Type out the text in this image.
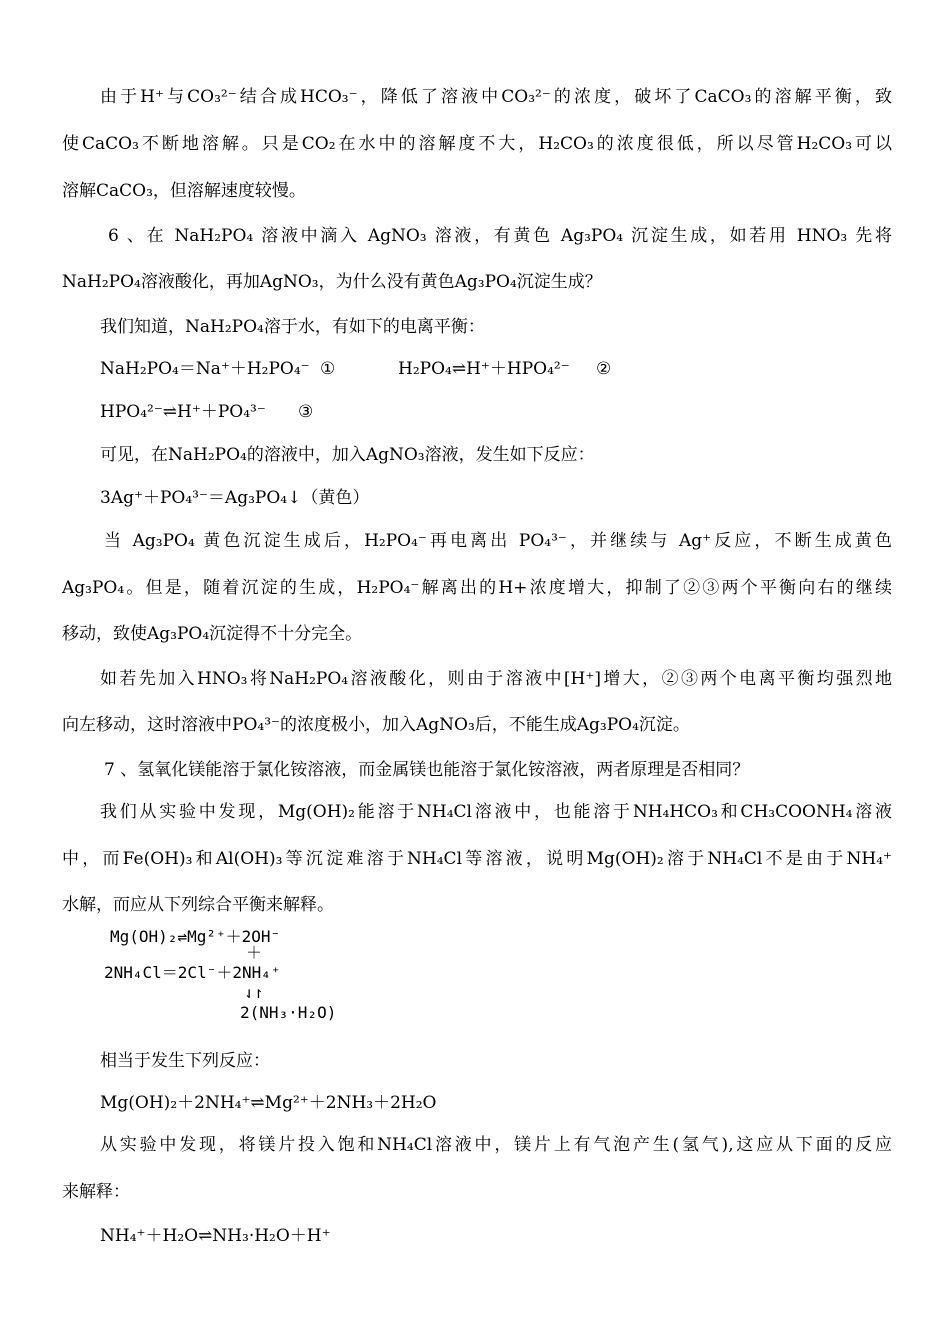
由于H⁺与CO₃²⁻结合成HCO₃⁻，降低了溶液中CO₃²⁻的浓度，破坏了CaCO₃的溶解平衡，致
使CaCO₃不断地溶解。只是CO₂在水中的溶解度不大，H₂CO₃的浓度很低，所以尽管H₂CO₃可以
溶解CaCO₃，但溶解速度较慢。
6 、在 NaH₂PO₄ 溶液中滴入 AgNO₃ 溶液，有黄色 Ag₃PO₄ 沉淀生成，如若用 HNO₃ 先将
NaH₂PO₄溶液酸化，再加AgNO₃，为什么没有黄色Ag₃PO₄沉淀生成？
我们知道，NaH₂PO₄溶于水，有如下的电离平衡：
NaH₂PO₄＝Na⁺＋H₂PO₄⁻ ①	H₂PO₄⇌H⁺＋HPO₄²⁻	②
HPO₄²⁻⇌H⁺＋PO₄³⁻	③
可见，在NaH₂PO₄的溶液中，加入AgNO₃溶液，发生如下反应：
3Ag⁺＋PO₄³⁻＝Ag₃PO₄↓（黄色）
当 Ag₃PO₄ 黄色沉淀生成后，H₂PO₄⁻再电离出 PO₄³⁻，并继续与 Ag⁺反应，不断生成黄色
Ag₃PO₄。但是，随着沉淀的生成，H₂PO₄⁻解离出的H+浓度增大，抑制了②③两个平衡向右的继续
移动，致使Ag₃PO₄沉淀得不十分完全。
如若先加入HNO₃将NaH₂PO₄溶液酸化，则由于溶液中[H⁺]增大，②③两个电离平衡均强烈地
向左移动，这时溶液中PO₄³⁻的浓度极小，加入AgNO₃后，不能生成Ag₃PO₄沉淀。
7 、氢氧化镁能溶于氯化铵溶液，而金属镁也能溶于氯化铵溶液，两者原理是否相同？
我们从实验中发现，Mg(OH)₂能溶于NH₄Cl溶液中，也能溶于NH₄HCO₃和CH₃COONH₄溶液
中，而Fe(OH)₃和Al(OH)₃等沉淀难溶于NH₄Cl等溶液，说明Mg(OH)₂溶于NH₄Cl不是由于NH₄⁺
水解，而应从下列综合平衡来解释。
Mg(OH)₂⇌Mg²⁺＋2OH⁻
＋
2NH₄Cl＝2Cl⁻＋2NH₄⁺
⇃↾
2(NH₃·H₂O)
相当于发生下列反应：
Mg(OH)₂＋2NH₄⁺⇌Mg²⁺＋2NH₃＋2H₂O
从实验中发现，将镁片投入饱和NH₄Cl溶液中，镁片上有气泡产生(氢气),这应从下面的反应
来解释：
NH₄⁺＋H₂O⇌NH₃·H₂O＋H⁺
